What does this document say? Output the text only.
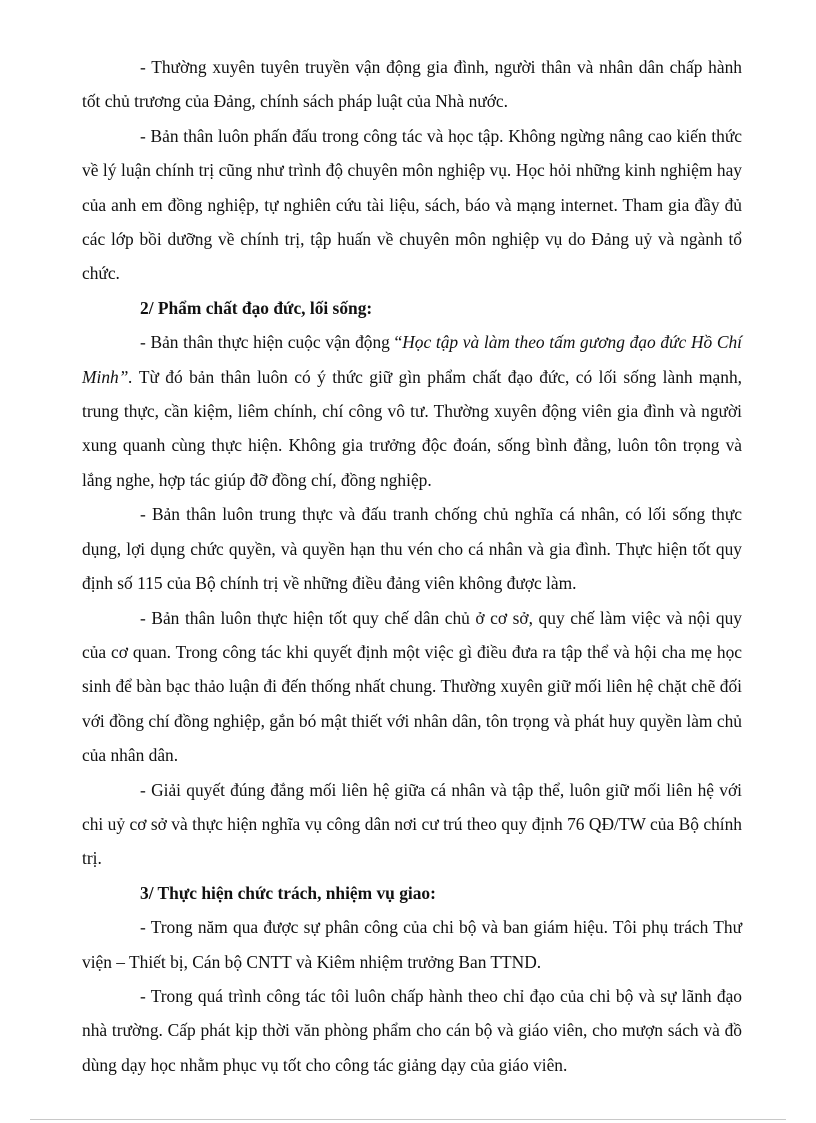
- Thường xuyên tuyên truyền vận động gia đình, người thân và nhân dân chấp hành tốt chủ trương của Đảng, chính sách pháp luật của Nhà nước.

- Bản thân luôn phấn đấu trong công tác và học tập. Không ngừng nâng cao kiến thức về lý luận chính trị cũng như trình độ chuyên môn nghiệp vụ. Học hỏi những kinh nghiệm hay của anh em đồng nghiệp, tự nghiên cứu tài liệu, sách, báo và mạng internet. Tham gia đầy đủ các lớp bồi dưỡng về chính trị, tập huấn về chuyên môn nghiệp vụ do Đảng uỷ và ngành tổ chức.

2/ Phẩm chất đạo đức, lối sống:

- Bản thân thực hiện cuộc vận động “Học tập và làm theo tấm gương đạo đức Hồ Chí Minh”. Từ đó bản thân luôn có ý thức giữ gìn phẩm chất đạo đức, có lối sống lành mạnh, trung thực, cần kiệm, liêm chính, chí công vô tư. Thường xuyên động viên gia đình và người xung quanh cùng thực hiện. Không gia trưởng độc đoán, sống bình đẳng, luôn tôn trọng và lắng nghe, hợp tác giúp đỡ đồng chí, đồng nghiệp.

- Bản thân luôn trung thực và đấu tranh chống chủ nghĩa cá nhân, có lối sống thực dụng, lợi dụng chức quyền, và quyền hạn thu vén cho cá nhân và gia đình. Thực hiện tốt quy định số 115 của Bộ chính trị về những điều đảng viên không được làm.

- Bản thân luôn thực hiện tốt quy chế dân chủ ở cơ sở, quy chế làm việc và nội quy của cơ quan. Trong công tác khi quyết định một việc gì điều đưa ra tập thể và hội cha mẹ học sinh để bàn bạc thảo luận đi đến thống nhất chung. Thường xuyên giữ mối liên hệ chặt chẽ đối với đồng chí đồng nghiệp, gắn bó mật thiết với nhân dân, tôn trọng và phát huy quyền làm chủ của nhân dân.

- Giải quyết đúng đắng mối liên hệ giữa cá nhân và tập thể, luôn giữ mối liên hệ với chi uỷ cơ sở và thực hiện nghĩa vụ công dân nơi cư trú theo quy định 76 QĐ/TW của Bộ chính trị.

3/ Thực hiện chức trách, nhiệm vụ giao:

- Trong năm qua được sự phân công của chi bộ và ban giám hiệu. Tôi phụ trách Thư viện – Thiết bị, Cán bộ CNTT và Kiêm nhiệm trưởng Ban TTND.

- Trong quá trình công tác tôi luôn chấp hành theo chỉ đạo của chi bộ và sự lãnh đạo nhà trường. Cấp phát kịp thời văn phòng phẩm cho cán bộ và giáo viên, cho mượn sách và đồ dùng dạy học nhằm phục vụ tốt cho công tác giảng dạy của giáo viên.
